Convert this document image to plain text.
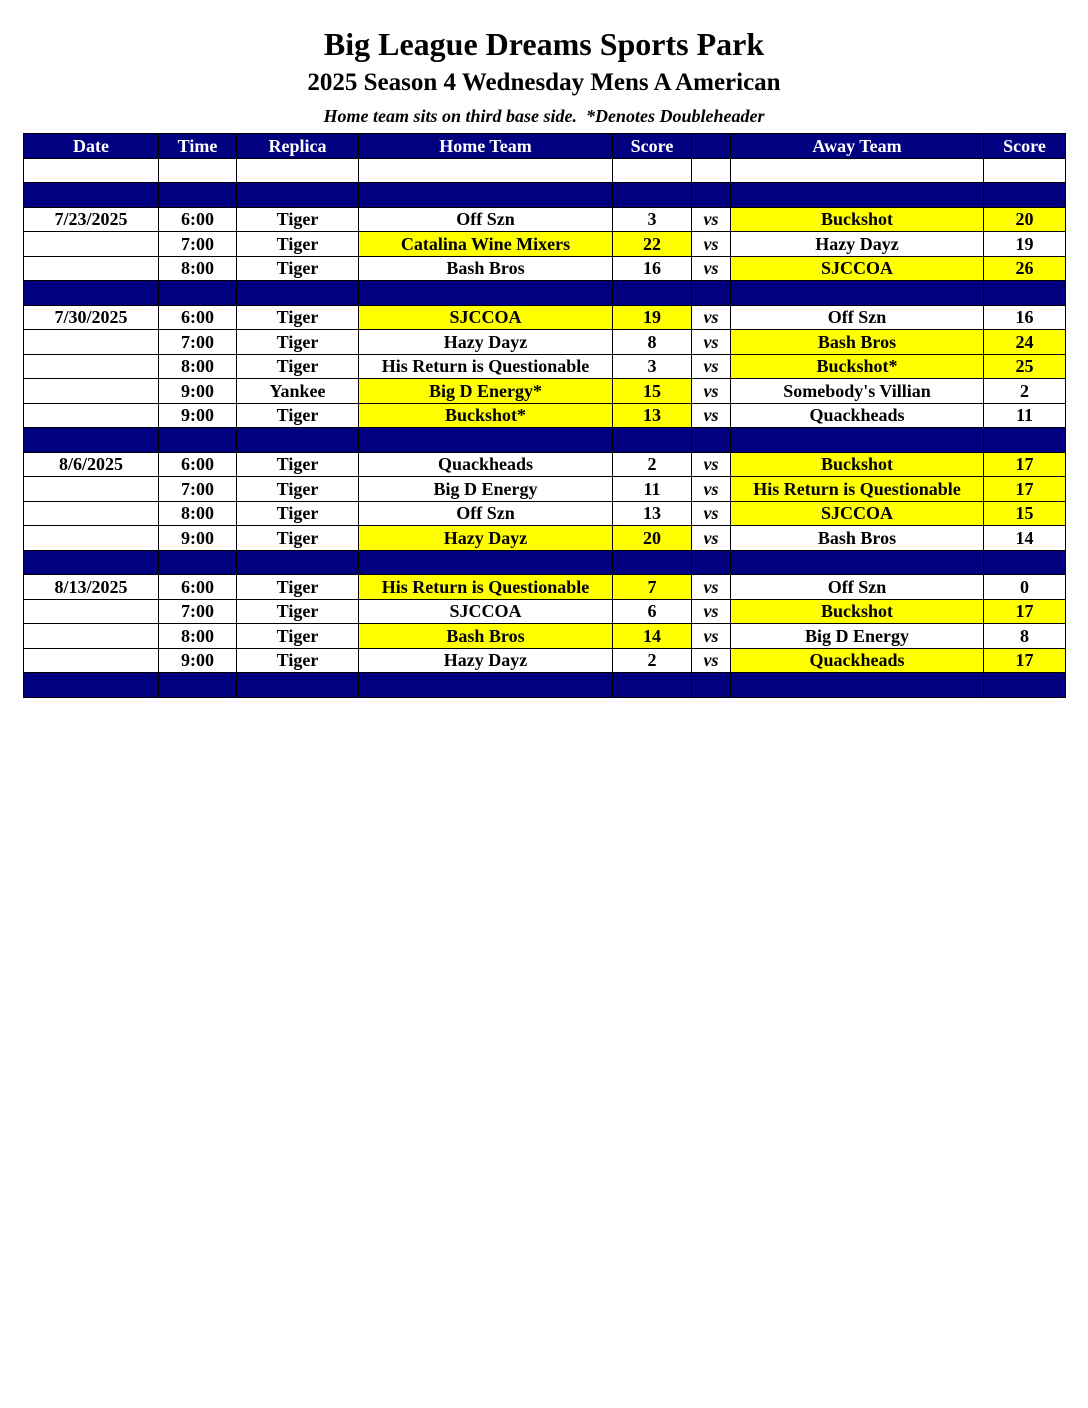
Big League Dreams Sports Park
2025 Season 4 Wednesday Mens A American
Home team sits on third base side.  *Denotes Doubleheader
Date	Time	Replica	Home Team	Score		Away Team	Score

7/23/2025	6:00	Tiger	Off Szn	3	vs	Buckshot	20
	7:00	Tiger	Catalina Wine Mixers	22	vs	Hazy Dayz	19
	8:00	Tiger	Bash Bros	16	vs	SJCCOA	26

7/30/2025	6:00	Tiger	SJCCOA	19	vs	Off Szn	16
	7:00	Tiger	Hazy Dayz	8	vs	Bash Bros	24
	8:00	Tiger	His Return is Questionable	3	vs	Buckshot*	25
	9:00	Yankee	Big D Energy*	15	vs	Somebody's Villian	2
	9:00	Tiger	Buckshot*	13	vs	Quackheads	11

8/6/2025	6:00	Tiger	Quackheads	2	vs	Buckshot	17
	7:00	Tiger	Big D Energy	11	vs	His Return is Questionable	17
	8:00	Tiger	Off Szn	13	vs	SJCCOA	15
	9:00	Tiger	Hazy Dayz	20	vs	Bash Bros	14

8/13/2025	6:00	Tiger	His Return is Questionable	7	vs	Off Szn	0
	7:00	Tiger	SJCCOA	6	vs	Buckshot	17
	8:00	Tiger	Bash Bros	14	vs	Big D Energy	8
	9:00	Tiger	Hazy Dayz	2	vs	Quackheads	17
